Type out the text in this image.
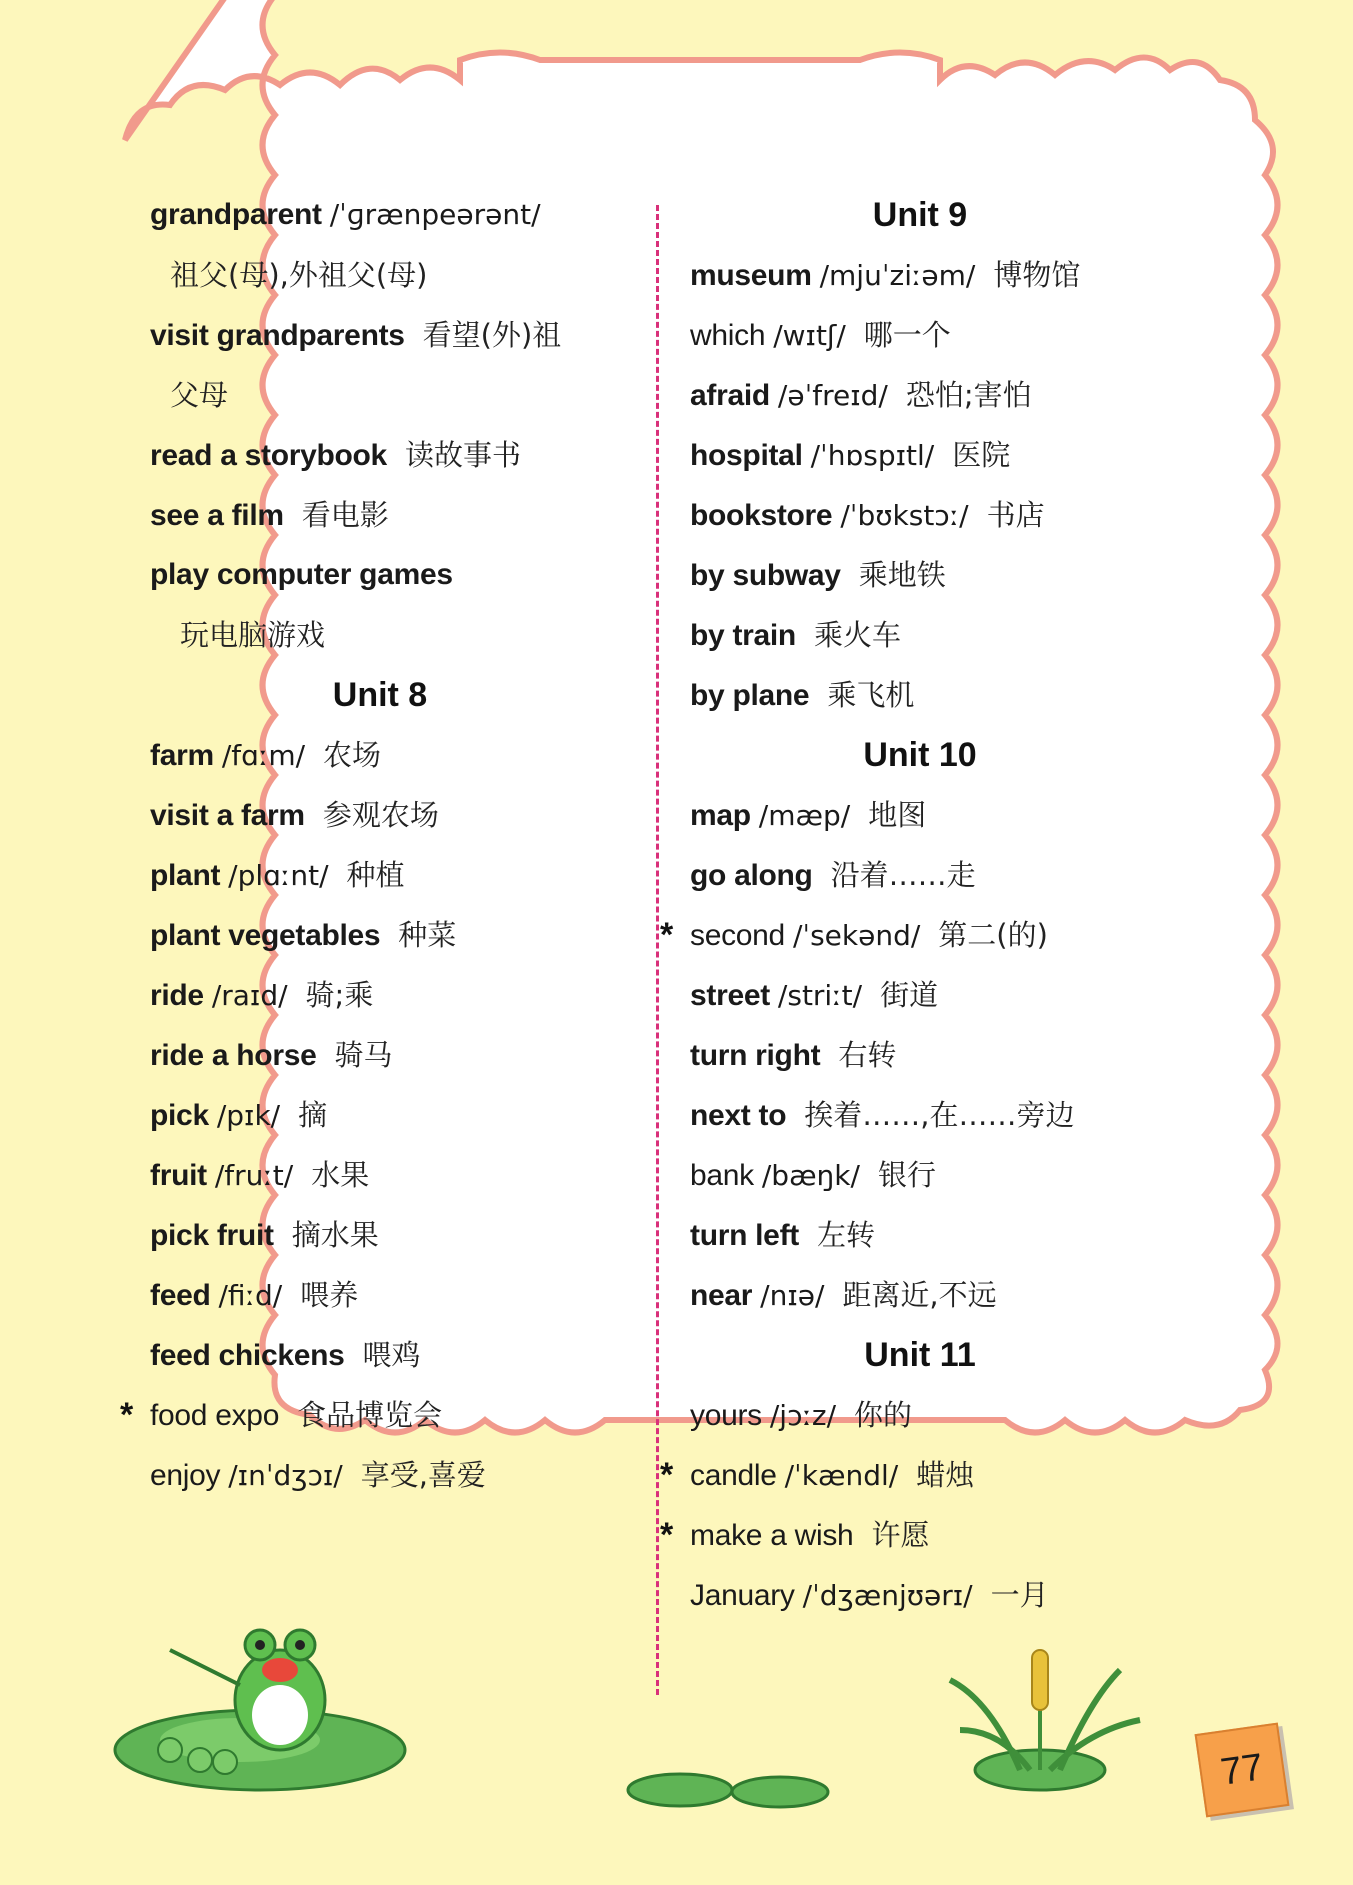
grandparent /ˈɡrænpeərənt/
祖父(母),外祖父(母)
visit grandparents 看望(外)祖
父母
read a storybook 读故事书
see a film 看电影
play computer games
玩电脑游戏
Unit 8
farm /fɑːm/ 农场
visit a farm 参观农场
plant /plɑːnt/ 种植
plant vegetables 种菜
ride /raɪd/ 骑;乘
ride a horse 骑马
pick /pɪk/ 摘
fruit /fruːt/ 水果
pick fruit 摘水果
feed /fiːd/ 喂养
feed chickens 喂鸡
* food expo 食品博览会
enjoy /ɪnˈdʒɔɪ/ 享受,喜爱
Unit 9
museum /mjuˈziːəm/ 博物馆
which /wɪtʃ/ 哪一个
afraid /əˈfreɪd/ 恐怕;害怕
hospital /ˈhɒspɪtl/ 医院
bookstore /ˈbʊkstɔː/ 书店
by subway 乘地铁
by train 乘火车
by plane 乘飞机
Unit 10
map /mæp/ 地图
go along 沿着……走
* second /ˈsekənd/ 第二(的)
street /striːt/ 街道
turn right 右转
next to 挨着……,在……旁边
bank /bæŋk/ 银行
turn left 左转
near /nɪə/ 距离近,不远
Unit 11
yours /jɔːz/ 你的
* candle /ˈkændl/ 蜡烛
* make a wish 许愿
January /ˈdʒænjʊərɪ/ 一月
77
